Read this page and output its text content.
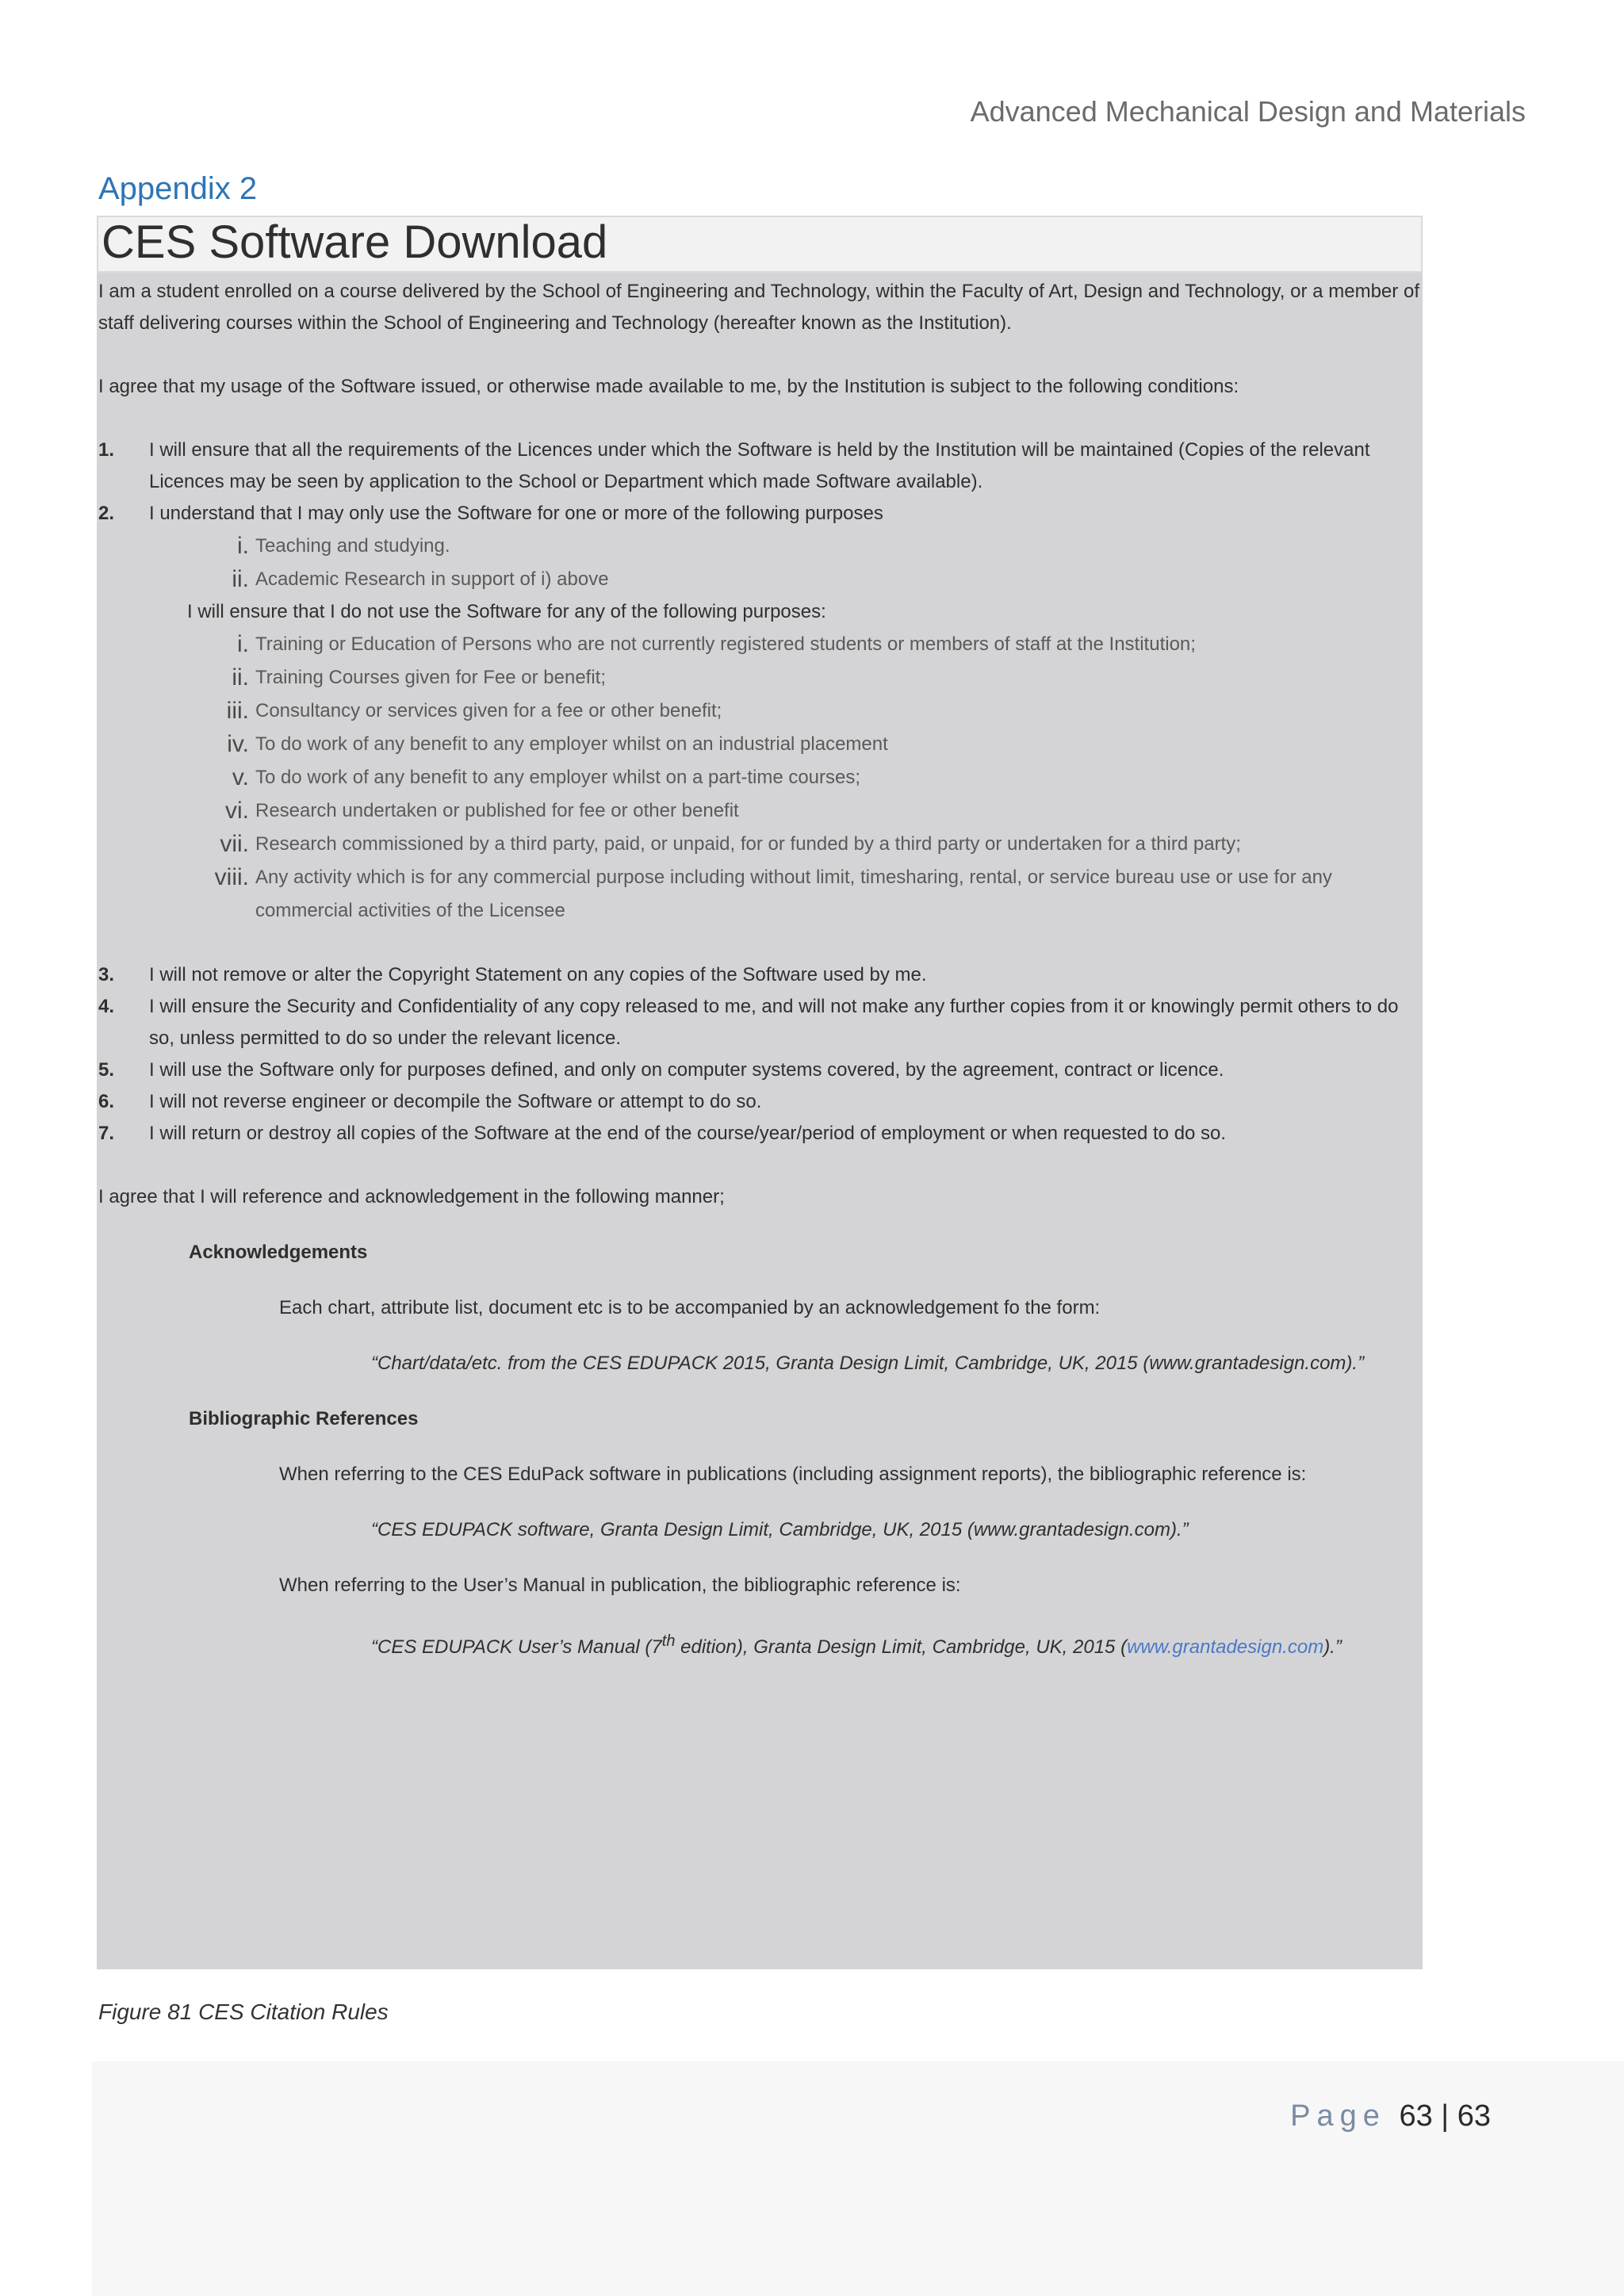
Advanced Mechanical Design and Materials
Appendix 2
CES Software Download

I am a student enrolled on a course delivered by the School of Engineering and Technology, within the Faculty of Art, Design and Technology, or a member of staff delivering courses within the School of Engineering and Technology (hereafter known as the Institution).

I agree that my usage of the Software issued, or otherwise made available to me, by the Institution is subject to the following conditions:

1.	I will ensure that all the requirements of the Licences under which the Software is held by the Institution will be maintained (Copies of the relevant Licences may be seen by application to the School or Department which made Software available).
2.	I understand that I may only use the Software for one or more of the following purposes
i. Teaching and studying.
ii. Academic Research in support of i) above
I will ensure that I do not use the Software for any of the following purposes:
i. Training or Education of Persons who are not currently registered students or members of staff at the Institution;
ii. Training Courses given for Fee or benefit;
iii. Consultancy or services given for a fee or other benefit;
iv. To do work of any benefit to any employer whilst on an industrial placement
v. To do work of any benefit to any employer whilst on a part-time courses;
vi. Research undertaken or published for fee or other benefit
vii. Research commissioned by a third party, paid, or unpaid, for or funded by a third party or undertaken for a third party;
viii. Any activity which is for any commercial purpose including without limit, timesharing, rental, or service bureau use or use for any commercial activities of the Licensee
3.	I will not remove or alter the Copyright Statement on any copies of the Software used by me.
4.	I will ensure the Security and Confidentiality of any copy released to me, and will not make any further copies from it or knowingly permit others to do so, unless permitted to do so under the relevant licence.
5.	I will use the Software only for purposes defined, and only on computer systems covered, by the agreement, contract or licence.
6.	I will not reverse engineer or decompile the Software or attempt to do so.
7.	I will return or destroy all copies of the Software at the end of the course/year/period of employment or when requested to do so.

I agree that I will reference and acknowledgement in the following manner;

Acknowledgements
Each chart, attribute list, document etc is to be accompanied by an acknowledgement fo the form:
“Chart/data/etc. from the CES EDUPACK 2015, Granta Design Limit, Cambridge, UK, 2015 (www.grantadesign.com).”
Bibliographic References
When referring to the CES EduPack software in publications (including assignment reports), the bibliographic reference is:
“CES EDUPACK software, Granta Design Limit, Cambridge, UK, 2015 (www.grantadesign.com).”
When referring to the User’s Manual in publication, the bibliographic reference is:
“CES EDUPACK User’s Manual (7th edition), Granta Design Limit, Cambridge, UK, 2015 (www.grantadesign.com).”
Figure 81 CES Citation Rules
Page 63 | 63
